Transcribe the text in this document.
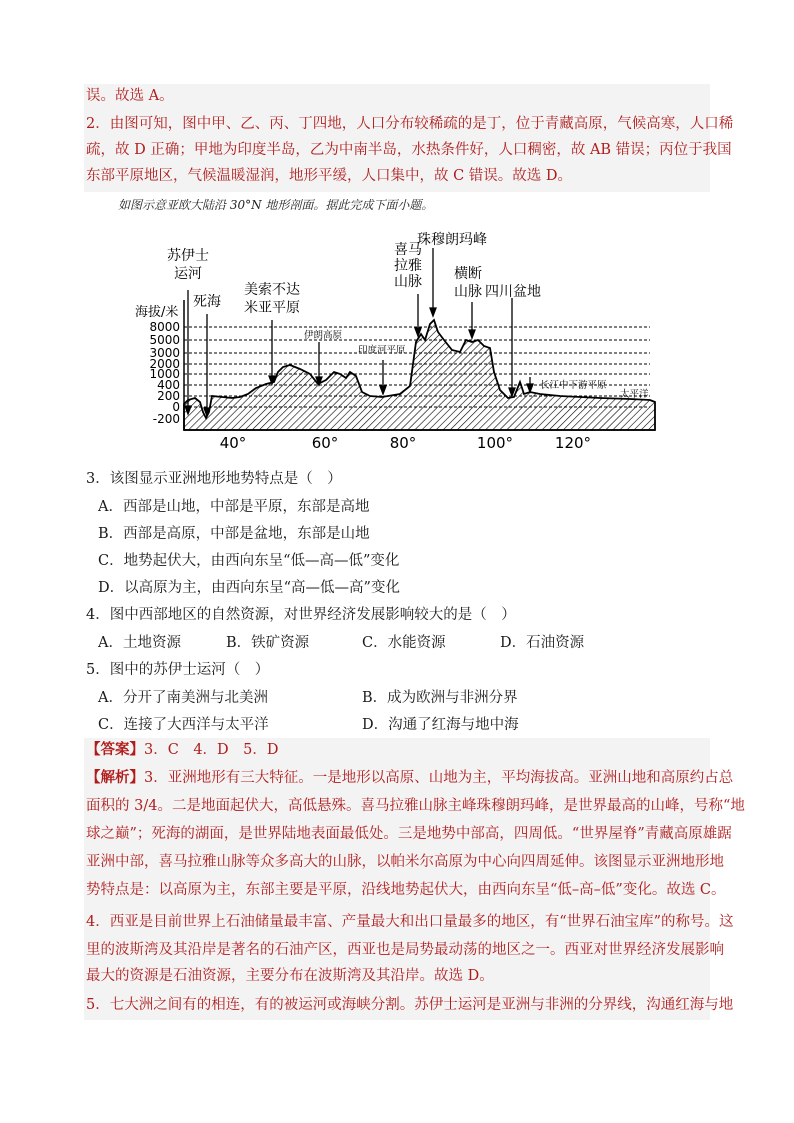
误。故选 A。
2．由图可知，图中甲、乙、丙、丁四地，人口分布较稀疏的是丁，位于青藏高原，气候高寒，人口稀
疏，故 D 正确；甲地为印度半岛，乙为中南半岛，水热条件好，人口稠密，故 AB 错误；丙位于我国
东部平原地区，气候温暖湿润，地形平缓，人口集中，故 C 错误。故选 D。
如图示意亚欧大陆沿 30°N 地形剖面。据此完成下面小题。
8000
5000
3000
2000
1000
400
200
0
-200
海拔/米
40°	60°	80°	100°	120°
苏伊士运河
死海
美索不达米亚平原
喜马拉雅山脉
珠穆朗玛峰
横断山脉 四川盆地
伊朗高原
印度河平原
长江中下游平原
太平洋
3．该图显示亚洲地形地势特点是（　）
A．西部是山地，中部是平原，东部是高地
B．西部是高原，中部是盆地，东部是山地
C．地势起伏大，由西向东呈“低—高—低”变化
D．以高原为主，由西向东呈“高—低—高”变化
4．图中西部地区的自然资源，对世界经济发展影响较大的是（　）
A．土地资源	B．铁矿资源	C．水能资源	D．石油资源
5．图中的苏伊士运河（　）
A．分开了南美洲与北美洲	B．成为欧洲与非洲分界
C．连接了大西洋与太平洋	D．沟通了红海与地中海
【答案】3．C　4．D　5．D
【解析】3．亚洲地形有三大特征。一是地形以高原、山地为主，平均海拔高。亚洲山地和高原约占总
面积的 3/4。二是地面起伏大，高低悬殊。喜马拉雅山脉主峰珠穆朗玛峰，是世界最高的山峰，号称“地
球之巅”；死海的湖面，是世界陆地表面最低处。三是地势中部高，四周低。“世界屋脊”青藏高原雄踞
亚洲中部，喜马拉雅山脉等众多高大的山脉，以帕米尔高原为中心向四周延伸。该图显示亚洲地形地
势特点是：以高原为主，东部主要是平原，沿线地势起伏大，由西向东呈“低–高–低”变化。故选 C。
4．西亚是目前世界上石油储量最丰富、产量最大和出口量最多的地区，有“世界石油宝库”的称号。这
里的波斯湾及其沿岸是著名的石油产区，西亚也是局势最动荡的地区之一。西亚对世界经济发展影响
最大的资源是石油资源，主要分布在波斯湾及其沿岸。故选 D。
5．七大洲之间有的相连，有的被运河或海峡分割。苏伊士运河是亚洲与非洲的分界线，沟通红海与地
